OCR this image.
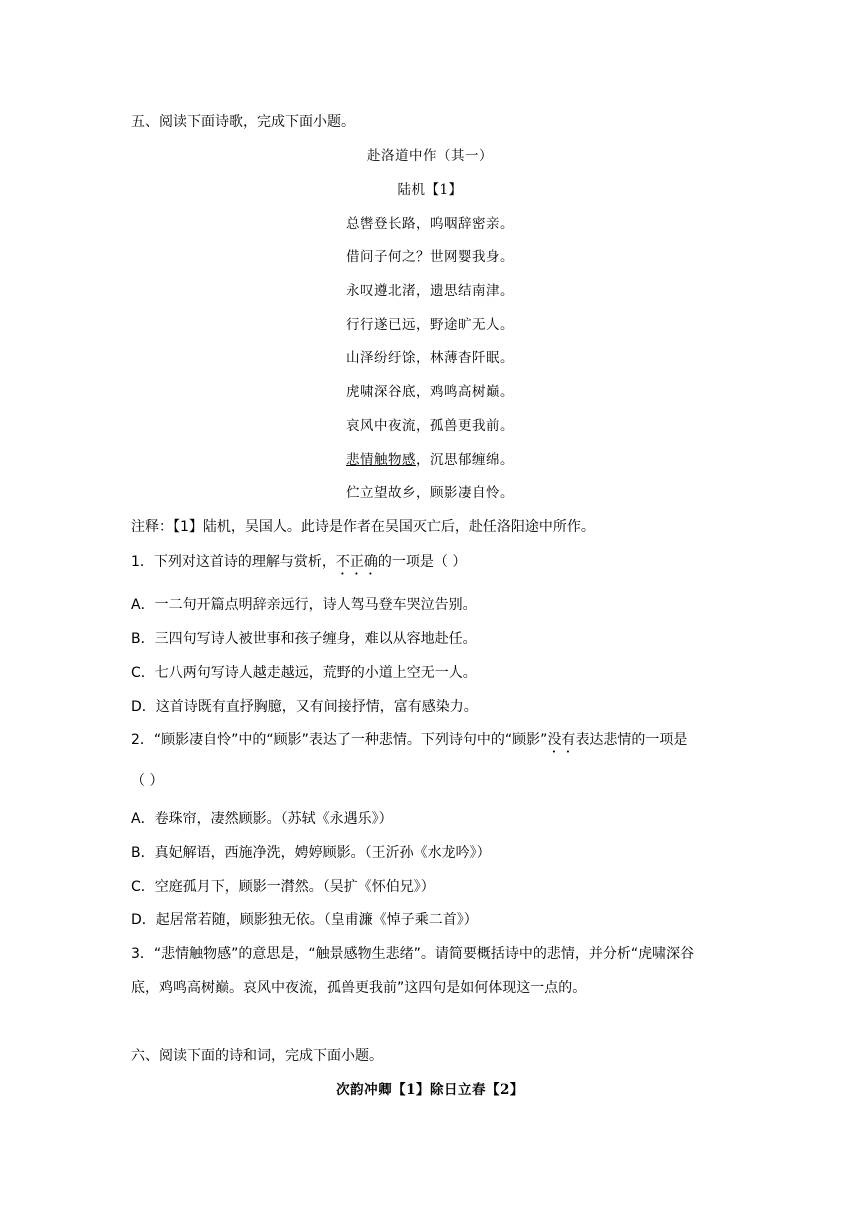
五、阅读下面诗歌，完成下面小题。
赴洛道中作（其一）
陆机【1】
总辔登长路，呜咽辞密亲。
借问子何之？世网婴我身。
永叹遵北渚，遗思结南津。
行行遂已远，野途旷无人。
山泽纷纡馀，林薄杳阡眠。
虎啸深谷底，鸡鸣高树巅。
哀风中夜流，孤兽更我前。
悲情触物感，沉思郁缠绵。
伫立望故乡，顾影凄自怜。
注释：【1】陆机，吴国人。此诗是作者在吴国灭亡后，赴任洛阳途中所作。
1．下列对这首诗的理解与赏析，不正确的一项是（ ）
A．一二句开篇点明辞亲远行，诗人驾马登车哭泣告别。
B．三四句写诗人被世事和孩子缠身，难以从容地赴任。
C．七八两句写诗人越走越远，荒野的小道上空无一人。
D．这首诗既有直抒胸臆，又有间接抒情，富有感染力。
2．“顾影凄自怜”中的“顾影”表达了一种悲情。下列诗句中的“顾影”没有表达悲情的一项是
（ ）
A．卷珠帘，凄然顾影。（苏轼《永遇乐》）
B．真妃解语，西施净洗，娉婷顾影。（王沂孙《水龙吟》）
C．空庭孤月下，顾影一潸然。（吴扩《怀伯兄》）
D．起居常若随，顾影独无依。（皇甫濂《悼子乘二首》）
3．“悲情触物感”的意思是，“触景感物生悲绪”。请简要概括诗中的悲情，并分析“虎啸深谷
底，鸡鸣高树巅。哀风中夜流，孤兽更我前”这四句是如何体现这一点的。
六、阅读下面的诗和词，完成下面小题。
次韵冲卿【1】除日立春【2】
